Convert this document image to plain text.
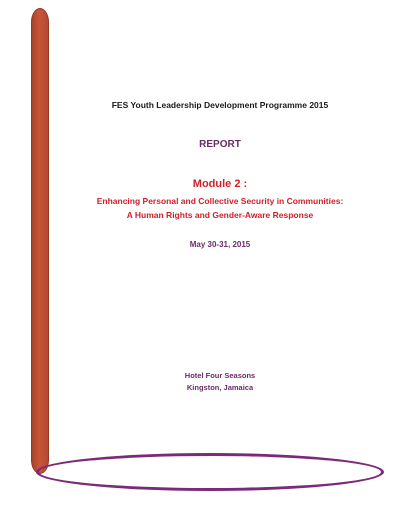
FES Youth Leadership Development Programme 2015
REPORT
Module 2 :
Enhancing Personal and Collective Security in Communities:
A Human Rights and Gender-Aware Response
May 30-31, 2015
Hotel Four Seasons
Kingston, Jamaica
